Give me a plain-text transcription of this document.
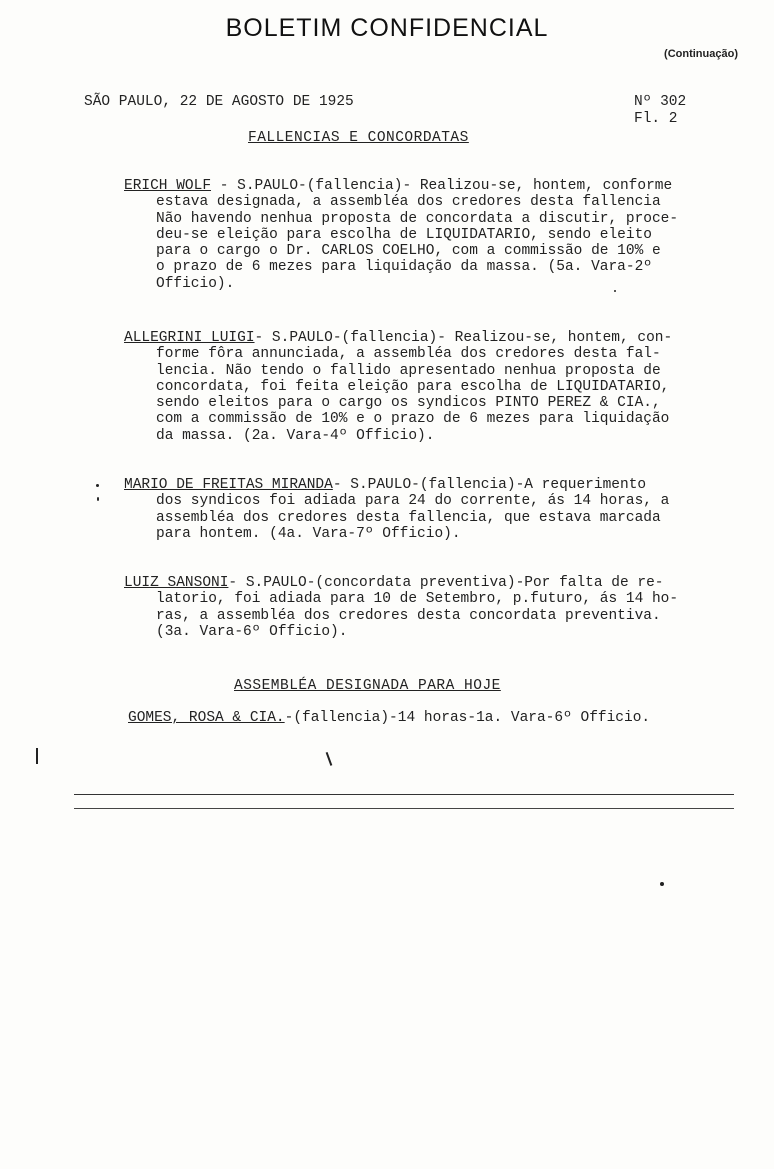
BOLETIM CONFIDENCIAL
(Continuação)
SÃO PAULO, 22 DE AGOSTO DE 1925	Nº 302
Fl. 2
FALLENCIAS E CONCORDATAS
ERICH WOLF - S.PAULO-(fallencia)- Realizou-se, hontem, conforme
estava designada, a assembléa dos credores desta fallencia
Não havendo nenhua proposta de concordata a discutir, proce-
deu-se eleição para escolha de LIQUIDATARIO, sendo eleito
para o cargo o Dr. CARLOS COELHO, com a commissão de 10% e
o prazo de 6 mezes para liquidação da massa. (5a. Vara-2º
Officio).
ALLEGRINI LUIGI- S.PAULO-(fallencia)- Realizou-se, hontem, con-
forme fôra annunciada, a assembléa dos credores desta fal-
lencia. Não tendo o fallido apresentado nenhua proposta de
concordata, foi feita eleição para escolha de LIQUIDATARIO,
sendo eleitos para o cargo os syndicos PINTO PEREZ & CIA.,
com a commissão de 10% e o prazo de 6 mezes para liquidação
da massa. (2a. Vara-4º Officio).
MARIO DE FREITAS MIRANDA- S.PAULO-(fallencia)-A requerimento
dos syndicos foi adiada para 24 do corrente, ás 14 horas, a
assembléa dos credores desta fallencia, que estava marcada
para hontem. (4a. Vara-7º Officio).
LUIZ SANSONI- S.PAULO-(concordata preventiva)-Por falta de re-
latorio, foi adiada para 10 de Setembro, p.futuro, ás 14 ho-
ras, a assembléa dos credores desta concordata preventiva.
(3a. Vara-6º Officio).
ASSEMBLÉA DESIGNADA PARA HOJE
GOMES, ROSA & CIA.-(fallencia)-14 horas-1a. Vara-6º Officio.
